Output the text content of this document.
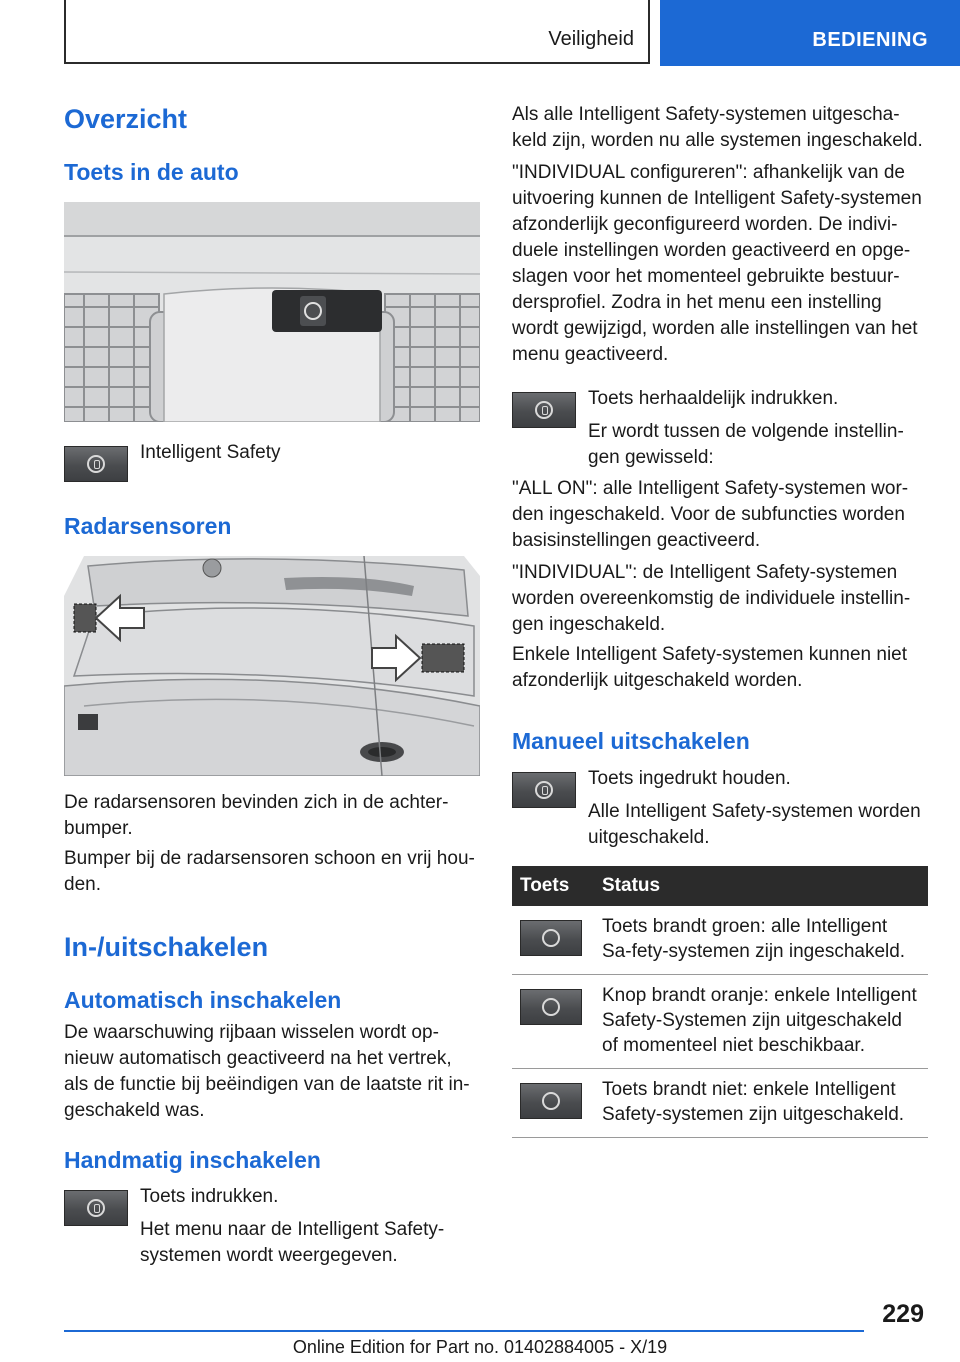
Veiligheid	BEDIENING
Overzicht
Toets in de auto

Intelligent Safety

Radarsensoren

De radarsensoren bevinden zich in de achter-bumper.

Bumper bij de radarsensoren schoon en vrij hou-den.

In-/uitschakelen
Automatisch inschakelen

De waarschuwing rijbaan wisselen wordt op-nieuw automatisch geactiveerd na het vertrek, als de functie bij beëindigen van de laatste rit in-geschakeld was.

Handmatig inschakelen

Toets indrukken.

Het menu naar de Intelligent Safety-systemen wordt weergegeven.

Als alle Intelligent Safety-systemen uitgescha-keld zijn, worden nu alle systemen ingeschakeld.

"INDIVIDUAL configureren": afhankelijk van de uitvoering kunnen de Intelligent Safety-systemen afzonderlijk geconfigureerd worden. De indivi-duele instellingen worden geactiveerd en opge-slagen voor het momenteel gebruikte bestuur-dersprofiel. Zodra in het menu een instelling wordt gewijzigd, worden alle instellingen van het menu geactiveerd.

Toets herhaaldelijk indrukken.

Er wordt tussen de volgende instellin-gen gewisseld:

"ALL ON": alle Intelligent Safety-systemen wor-den ingeschakeld. Voor de subfuncties worden basisinstellingen geactiveerd.

"INDIVIDUAL": de Intelligent Safety-systemen worden overeenkomstig de individuele instellin-gen ingeschakeld.

Enkele Intelligent Safety-systemen kunnen niet afzonderlijk uitgeschakeld worden.

Manueel uitschakelen

Toets ingedrukt houden.

Alle Intelligent Safety-systemen worden uitgeschakeld.

Toets	Status

	Toets brandt groen: alle Intelligent Sa-fety-systemen zijn ingeschakeld.

	Knop brandt oranje: enkele Intelligent Safety-Systemen zijn uitgeschakeld of momenteel niet beschikbaar.

	Toets brandt niet: enkele Intelligent Safety-systemen zijn uitgeschakeld.
229
Online Edition for Part no. 01402884005 - X/19
